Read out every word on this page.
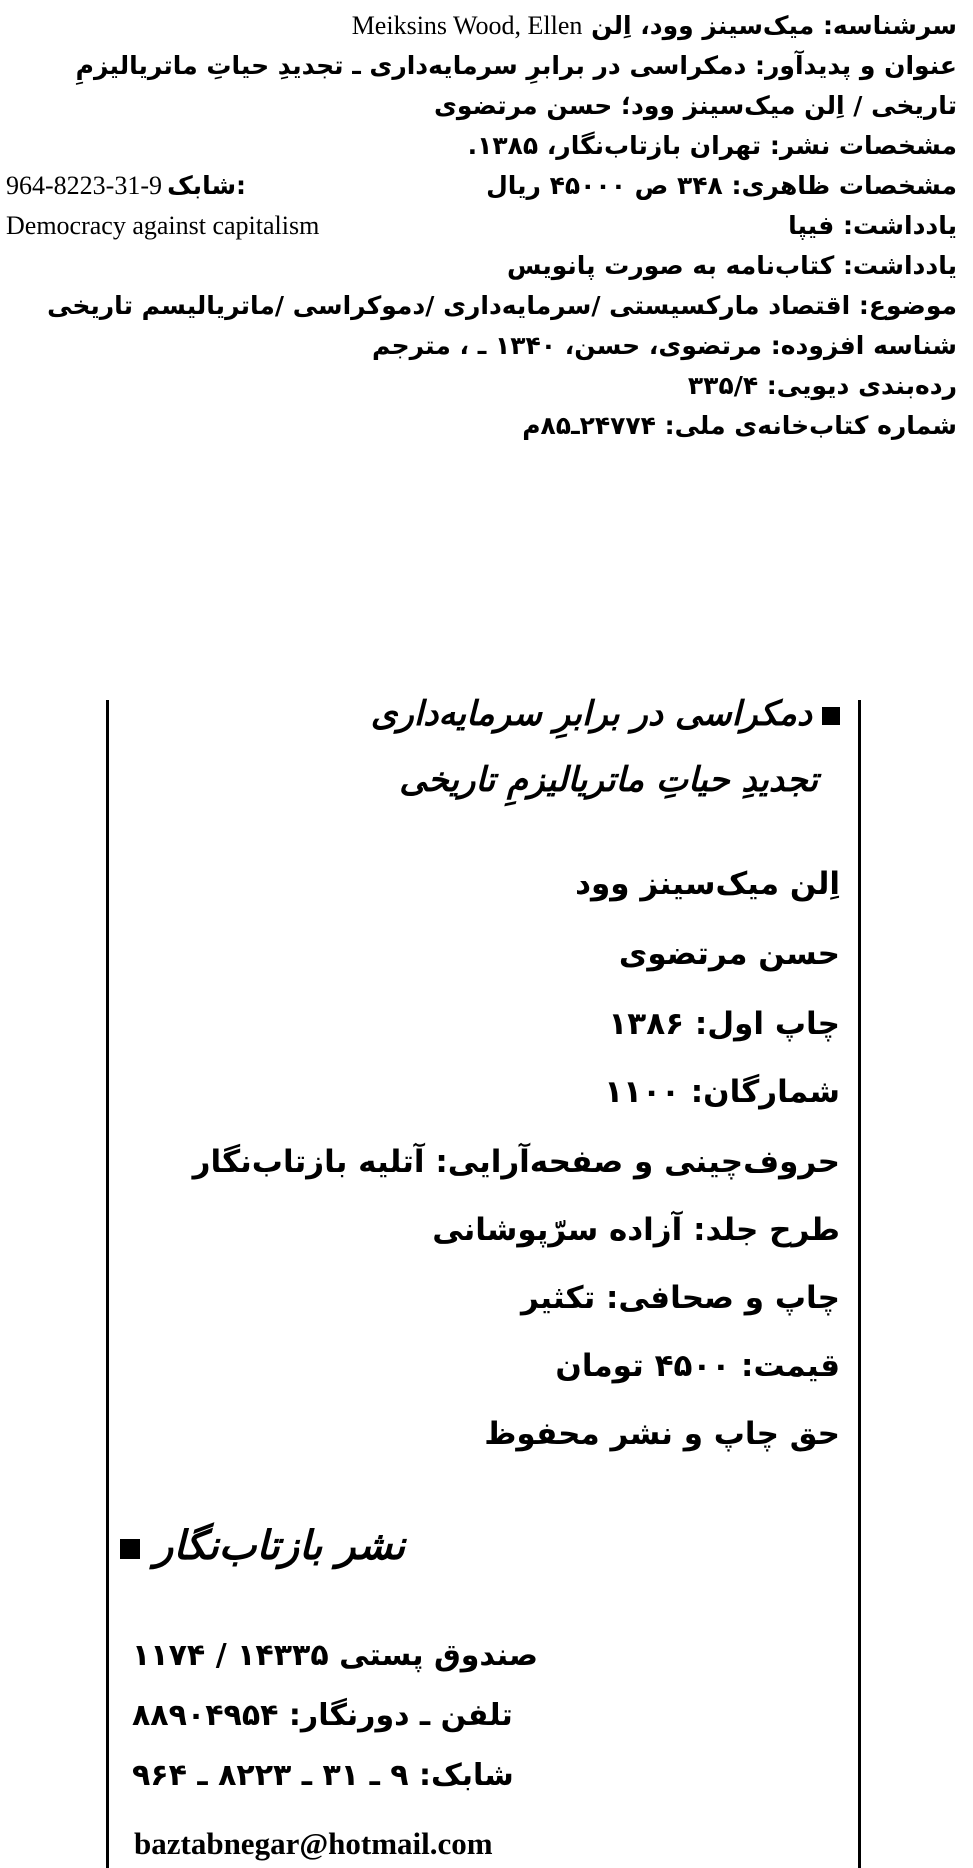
سرشناسه: میک‌سینز وود، اِلن Meiksins Wood, Ellen
عنوان و پدیدآور: دمکراسی در برابرِ سرمایه‌داری ـ تجدیدِ حیاتِ ماتریالیزمِ
تاریخی / اِلن میک‌سینز وود؛ حسن مرتضوی
مشخصات نشر: تهران بازتاب‌نگار، ۱۳۸۵.
مشخصات ظاهری: ۳۴۸ ص ۴۵۰۰۰ ریال
964-8223-31-9 شابک:
یادداشت: فیپا
Democracy against capitalism
یادداشت: کتاب‌نامه به صورت پانویس
موضوع: اقتصاد مارکسیستی /سرمایه‌داری /دموکراسی /ماتریالیسم تاریخی
شناسه افزوده: مرتضوی، حسن، ۱۳۴۰ ـ ، مترجم
رده‌بندی دیویی: ۳۳۵/۴
شماره کتاب‌خانه‌ی ملی: ۲۴۷۷۴ـ۸۵م
دمکراسی در برابرِ سرمایه‌داری
تجدیدِ حیاتِ ماتریالیزمِ تاریخی
اِلن میک‌سینز وود
حسن مرتضوی
چاپ اول: ۱۳۸۶
شمارگان: ۱۱۰۰
حروف‌چینی و صفحه‌آرایی: آتلیه بازتاب‌نگار
طرح جلد: آزاده سرّپوشانی
چاپ و صحافی: تکثیر
قیمت: ۴۵۰۰ تومان
حق چاپ و نشر محفوظ
نشر بازتاب‌نگار
صندوق پستی ۱۴۳۳۵ / ۱۱۷۴
تلفن ـ دورنگار: ۸۸۹۰۴۹۵۴
شابک: ۹ ـ ۳۱ ـ ۸۲۲۳ ـ ۹۶۴
baztabnegar@hotmail.com
